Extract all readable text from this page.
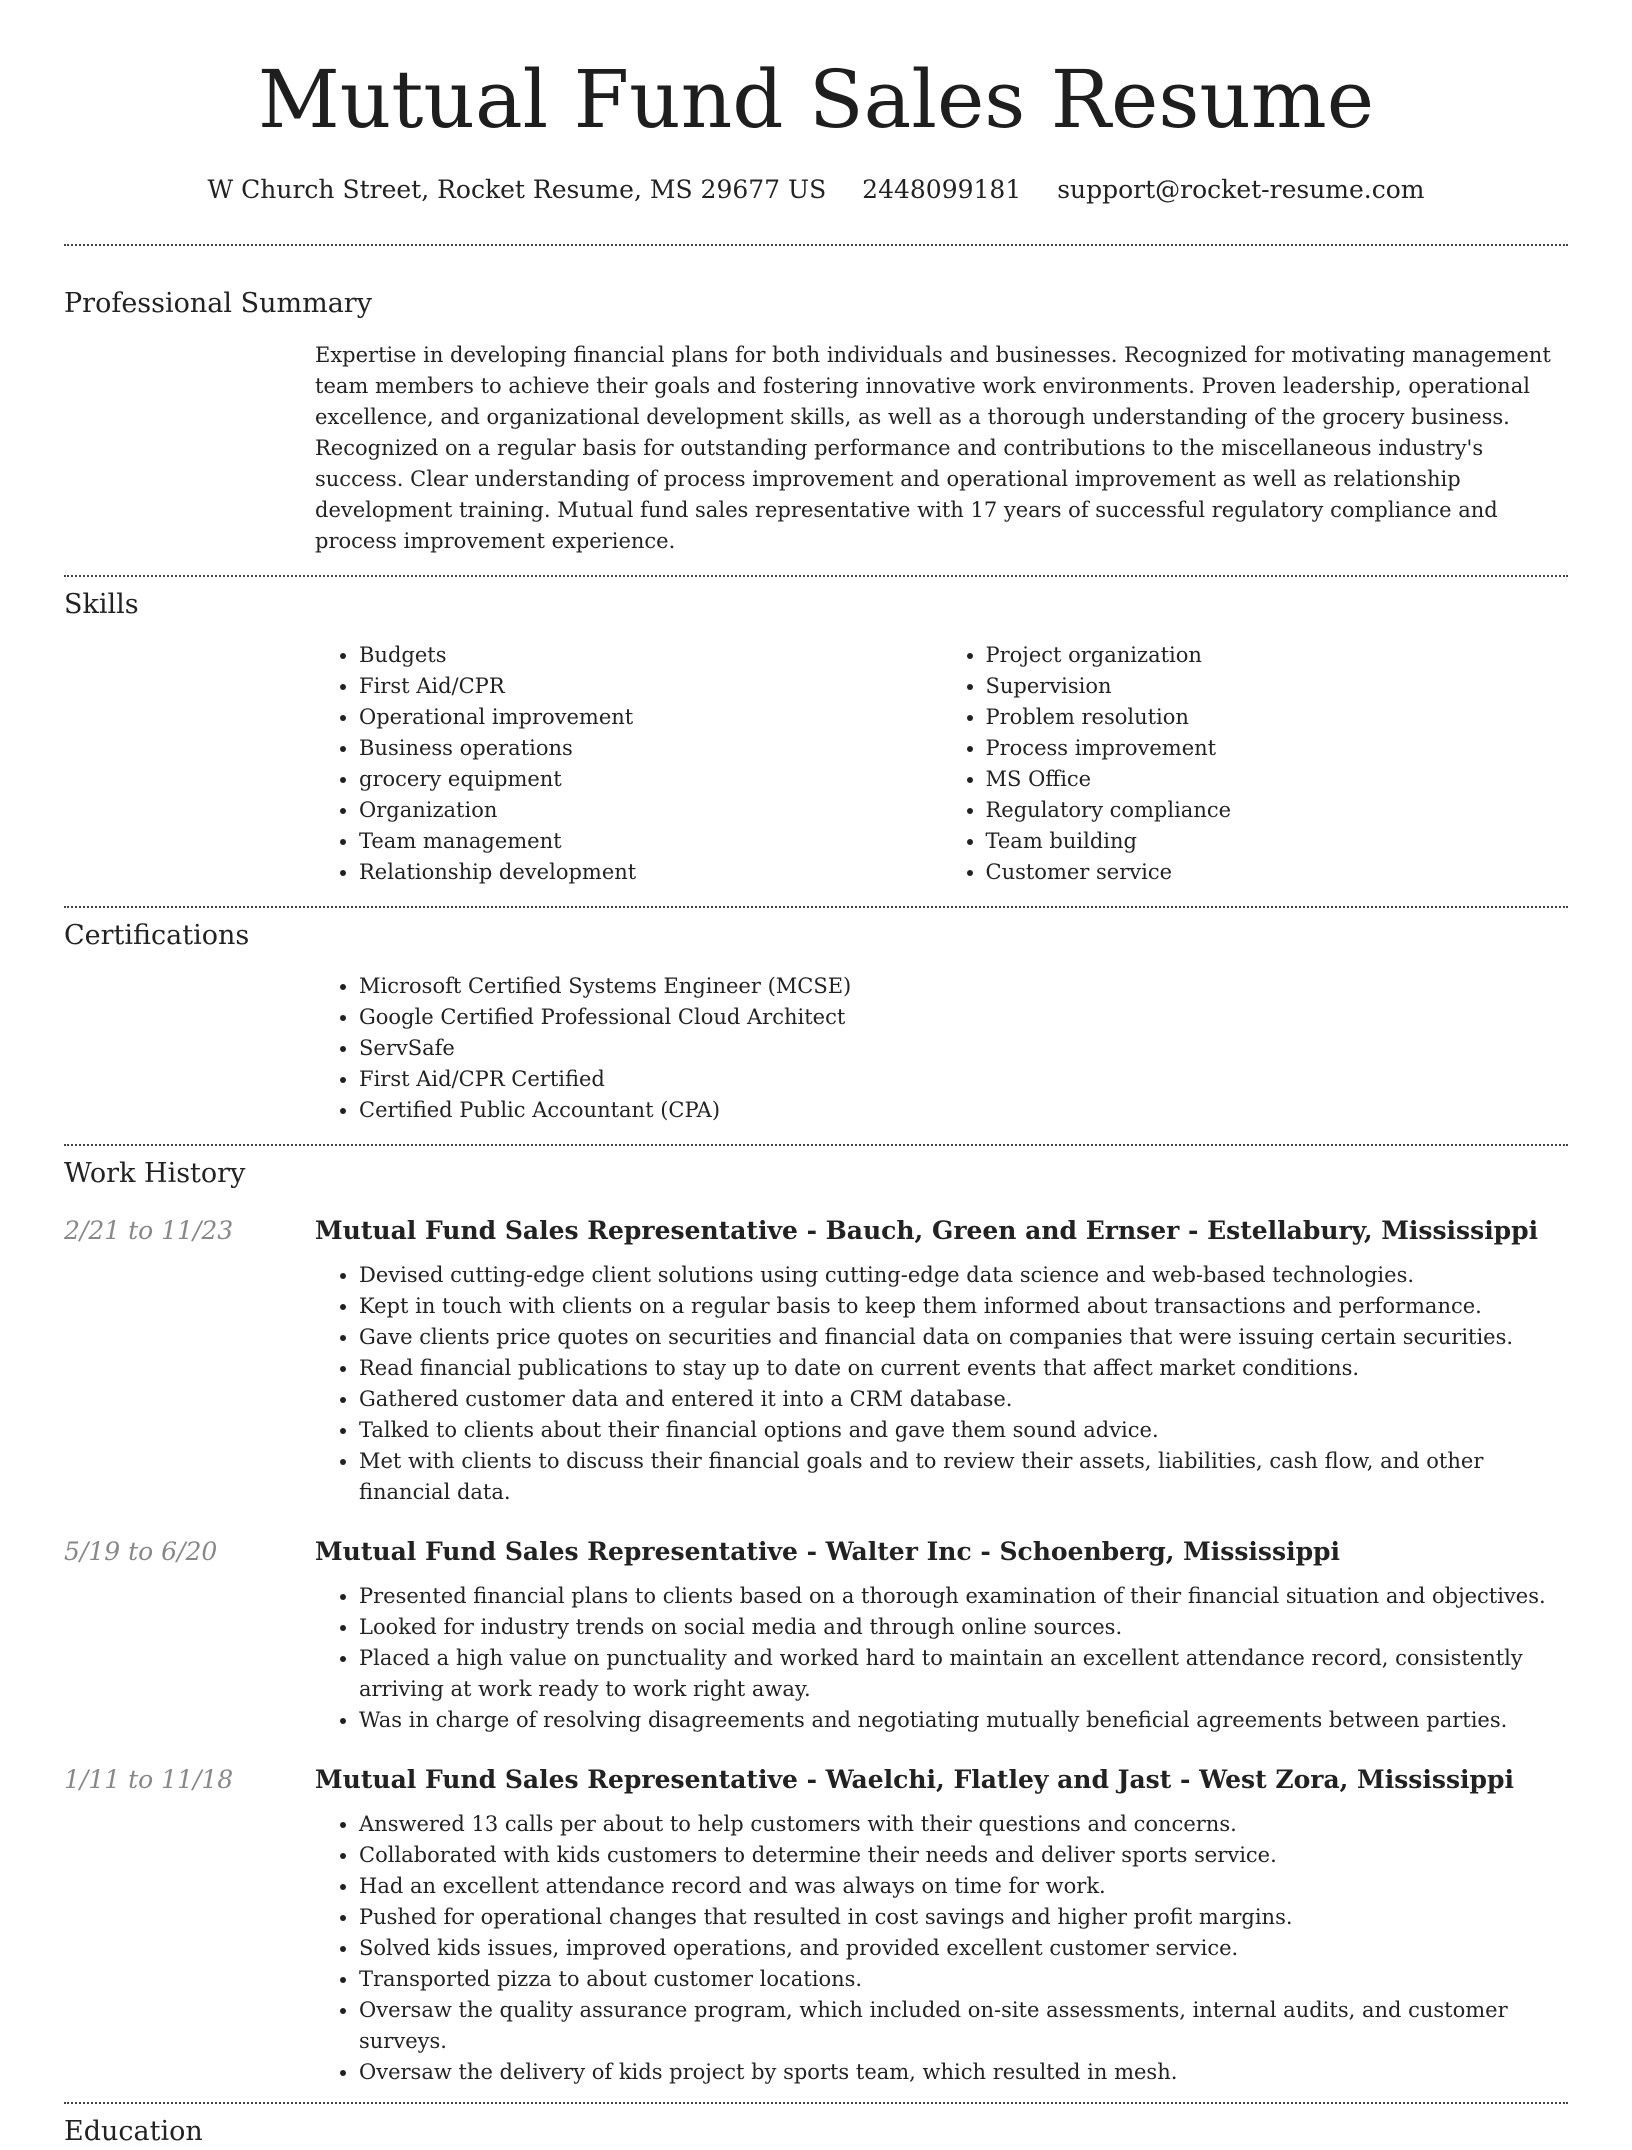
Mutual Fund Sales Resume
W Church Street, Rocket Resume, MS 29677 US 2448099181 support@rocket-resume.com
Professional Summary

Expertise in developing financial plans for both individuals and businesses. Recognized for motivating management team members to achieve their goals and fostering innovative work environments. Proven leadership, operational excellence, and organizational development skills, as well as a thorough understanding of the grocery business. Recognized on a regular basis for outstanding performance and contributions to the miscellaneous industry's success. Clear understanding of process improvement and operational improvement as well as relationship development training. Mutual fund sales representative with 17 years of successful regulatory compliance and process improvement experience.

Skills
• Budgets
• First Aid/CPR
• Operational improvement
• Business operations
• grocery equipment
• Organization
• Team management
• Relationship development
• Project organization
• Supervision
• Problem resolution
• Process improvement
• MS Office
• Regulatory compliance
• Team building
• Customer service
Certifications
• Microsoft Certified Systems Engineer (MCSE)
• Google Certified Professional Cloud Architect
• ServSafe
• First Aid/CPR Certified
• Certified Public Accountant (CPA)
Work History
2/21 to 11/23	Mutual Fund Sales Representative - Bauch, Green and Ernser - Estellabury, Mississippi
• Devised cutting-edge client solutions using cutting-edge data science and web-based technologies.
• Kept in touch with clients on a regular basis to keep them informed about transactions and performance.
• Gave clients price quotes on securities and financial data on companies that were issuing certain securities.
• Read financial publications to stay up to date on current events that affect market conditions.
• Gathered customer data and entered it into a CRM database.
• Talked to clients about their financial options and gave them sound advice.
• Met with clients to discuss their financial goals and to review their assets, liabilities, cash flow, and other financial data.
5/19 to 6/20	Mutual Fund Sales Representative - Walter Inc - Schoenberg, Mississippi
• Presented financial plans to clients based on a thorough examination of their financial situation and objectives.
• Looked for industry trends on social media and through online sources.
• Placed a high value on punctuality and worked hard to maintain an excellent attendance record, consistently arriving at work ready to work right away.
• Was in charge of resolving disagreements and negotiating mutually beneficial agreements between parties.
1/11 to 11/18	Mutual Fund Sales Representative - Waelchi, Flatley and Jast - West Zora, Mississippi
• Answered 13 calls per about to help customers with their questions and concerns.
• Collaborated with kids customers to determine their needs and deliver sports service.
• Had an excellent attendance record and was always on time for work.
• Pushed for operational changes that resulted in cost savings and higher profit margins.
• Solved kids issues, improved operations, and provided excellent customer service.
• Transported pizza to about customer locations.
• Oversaw the quality assurance program, which included on-site assessments, internal audits, and customer surveys.
• Oversaw the delivery of kids project by sports team, which resulted in mesh.
Education
